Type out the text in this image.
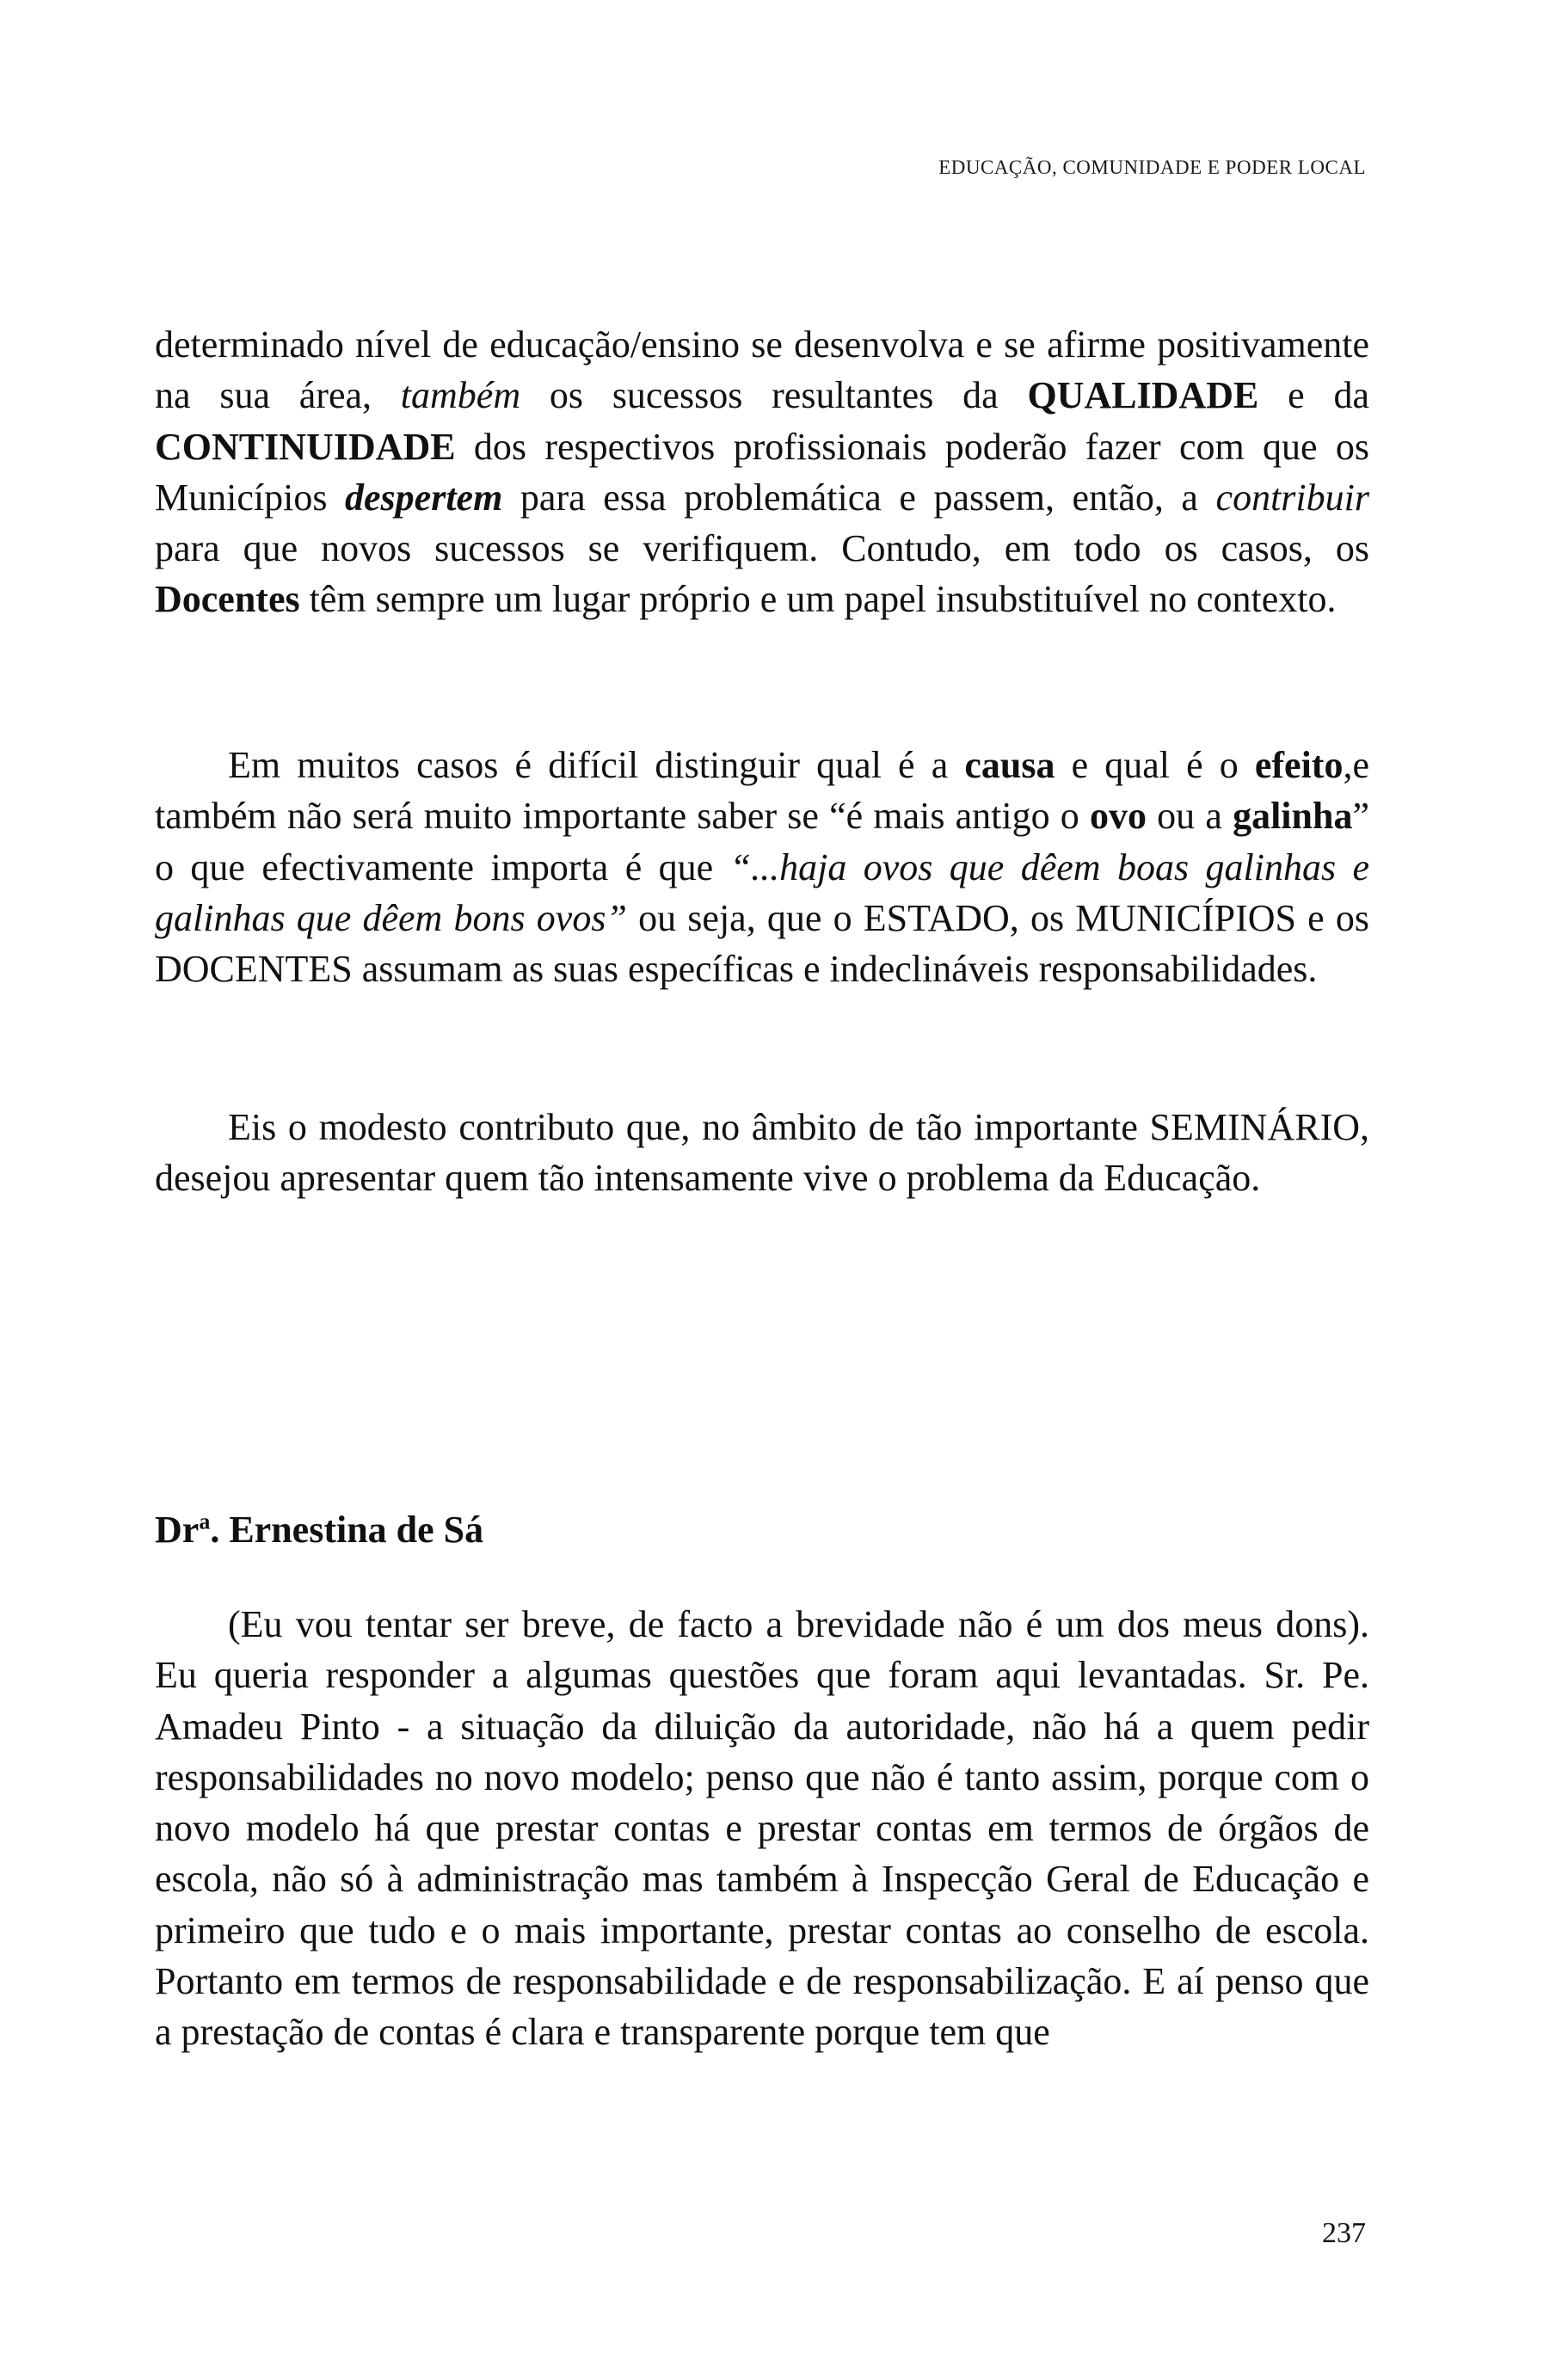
EDUCAÇÃO, COMUNIDADE E PODER LOCAL

determinado nível de educação/ensino se desenvolva e se afirme positivamente na sua área, também os sucessos resultantes da QUALIDADE e da CONTINUIDADE dos respectivos profissionais poderão fazer com que os Municípios despertem para essa problemática e passem, então, a contribuir para que novos sucessos se verifiquem. Contudo, em todo os casos, os Docentes têm sempre um lugar próprio e um papel insubstituível no contexto.

Em muitos casos é difícil distinguir qual é a causa e qual é o efeito,e também não será muito importante saber se “é mais antigo o ovo ou a galinha” o que efectivamente importa é que “...haja ovos que dêem boas galinhas e galinhas que dêem bons ovos” ou seja, que o ESTADO, os MUNICÍPIOS e os DOCENTES assumam as suas específicas e indeclináveis responsabilidades.

Eis o modesto contributo que, no âmbito de tão importante SEMINÁRIO, desejou apresentar quem tão intensamente vive o problema da Educação.

Dr$^a$. Ernestina de Sá

(Eu vou tentar ser breve, de facto a brevidade não é um dos meus dons). Eu queria responder a algumas questões que foram aqui levantadas. Sr. Pe. Amadeu Pinto - a situação da diluição da autoridade, não há a quem pedir responsabilidades no novo modelo; penso que não é tanto assim, porque com o novo modelo há que prestar contas e prestar contas em termos de órgãos de escola, não só à administração mas também à Inspecção Geral de Educação e primeiro que tudo e o mais importante, prestar contas ao conselho de escola. Portanto em termos de responsabilidade e de responsabilização. E aí penso que a prestação de contas é clara e transparente porque tem que

237
